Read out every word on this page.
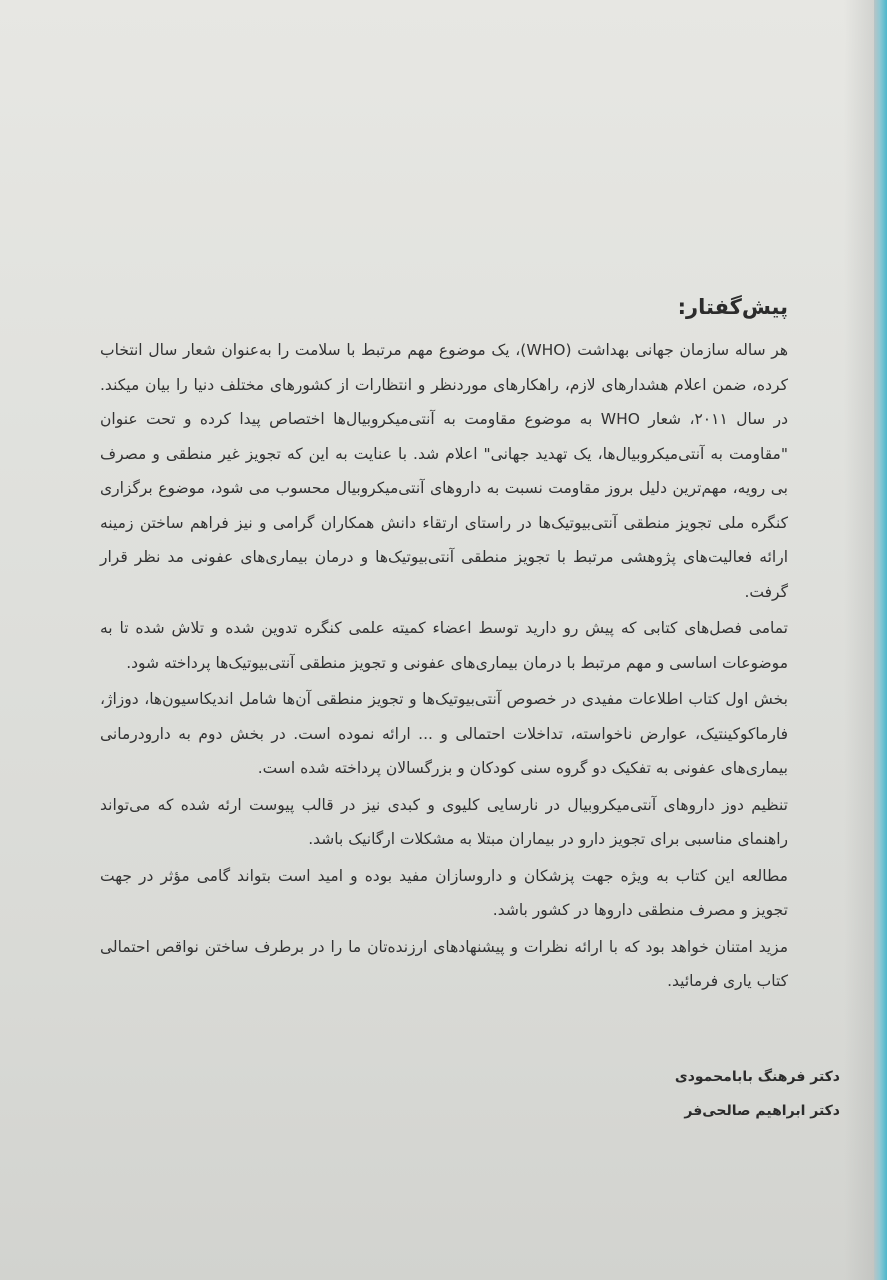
پیش‌گفتار:

هر ساله سازمان جهانی بهداشت (WHO)، یک موضوع مهم مرتبط با سلامت را به‌عنوان شعار سال انتخاب کرده، ضمن اعلام هشدارهای لازم، راهکارهای موردنظر و انتظارات از کشورهای مختلف دنیا را بیان میکند. در سال ۲۰۱۱، شعار WHO به موضوع مقاومت به آنتی‌میکروبیال‌ها اختصاص پیدا کرده و تحت عنوان "مقاومت به آنتی‌میکروبیال‌ها، یک تهدید جهانی" اعلام شد. با عنایت به این که تجویز غیر منطقی و مصرف بی رویه، مهم‌ترین دلیل بروز مقاومت نسبت به داروهای آنتی‌میکروبیال محسوب می شود، موضوع برگزاری کنگره ملی تجویز منطقی آنتی‌بیوتیک‌ها در راستای ارتقاء دانش همکاران گرامی و نیز فراهم ساختن زمینه ارائه فعالیت‌های پژوهشی مرتبط با تجویز منطقی آنتی‌بیوتیک‌ها و درمان بیماری‌های عفونی مد نظر قرار گرفت.

تمامی فصل‌های کتابی که پیش رو دارید توسط اعضاء کمیته علمی کنگره تدوین شده و تلاش شده تا به موضوعات اساسی و مهم مرتبط با درمان بیماری‌های عفونی و تجویز منطقی آنتی‌بیوتیک‌ها پرداخته شود.

بخش اول کتاب اطلاعات مفیدی در خصوص آنتی‌بیوتیک‌ها و تجویز منطقی آن‌ها شامل اندیکاسیون‌ها، دوزاژ، فارماکوکینتیک، عوارض ناخواسته، تداخلات احتمالی و ... ارائه نموده است. در بخش دوم به دارودرمانی بیماری‌های عفونی به تفکیک دو گروه سنی کودکان و بزرگسالان پرداخته شده است.

تنظیم دوز داروهای آنتی‌میکروبیال در نارسایی کلیوی و کبدی نیز در قالب پیوست ارئه شده که می‌تواند راهنمای مناسبی برای تجویز دارو در بیماران مبتلا به مشکلات ارگانیک باشد.

مطالعه این کتاب به ویژه جهت پزشکان و داروسازان مفید بوده و امید است بتواند گامی مؤثر در جهت تجویز و مصرف منطقی داروها در کشور باشد.

مزید امتنان خواهد بود که با ارائه نظرات و پیشنهادهای ارزنده‌تان ما را در برطرف ساختن نواقص احتمالی کتاب یاری فرمائید.

دکتر فرهنگ بابامحمودی
دکتر ابراهیم صالحی‌فر
